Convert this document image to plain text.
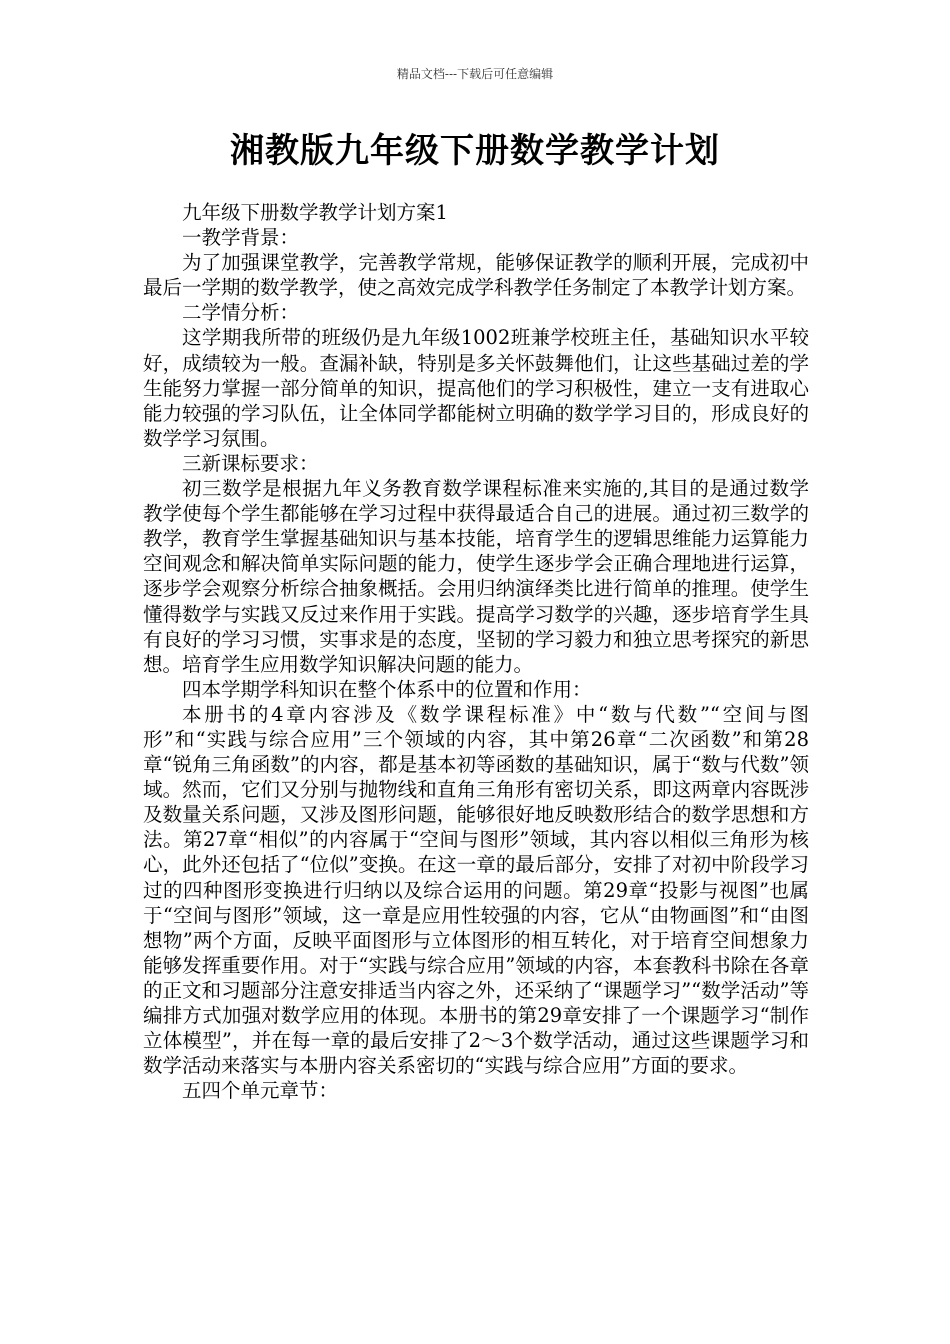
精品文档---下载后可任意编辑
湘教版九年级下册数学教学计划

九年级下册数学教学计划方案1

一教学背景：

为了加强课堂教学，完善教学常规，能够保证教学的顺利开展，完成初中最后一学期的数学教学，使之高效完成学科教学任务制定了本教学计划方案。

二学情分析：

这学期我所带的班级仍是九年级1002班兼学校班主任，基础知识水平较好，成绩较为一般。查漏补缺，特别是多关怀鼓舞他们，让这些基础过差的学生能努力掌握一部分简单的知识，提高他们的学习积极性，建立一支有进取心能力较强的学习队伍，让全体同学都能树立明确的数学学习目的，形成良好的数学学习氛围。

三新课标要求：

初三数学是根据九年义务教育数学课程标准来实施的,其目的是通过数学教学使每个学生都能够在学习过程中获得最适合自己的进展。通过初三数学的教学，教育学生掌握基础知识与基本技能，培育学生的逻辑思维能力运算能力空间观念和解决简单实际问题的能力，使学生逐步学会正确合理地进行运算，逐步学会观察分析综合抽象概括。会用归纳演绎类比进行简单的推理。使学生懂得数学与实践又反过来作用于实践。提高学习数学的兴趣，逐步培育学生具有良好的学习习惯，实事求是的态度，坚韧的学习毅力和独立思考探究的新思想。培育学生应用数学知识解决问题的能力。

四本学期学科知识在整个体系中的位置和作用：

本册书的4章内容涉及《数学课程标准》中“数与代数”“空间与图形”和“实践与综合应用”三个领域的内容，其中第26章“二次函数”和第28章“锐角三角函数”的内容，都是基本初等函数的基础知识，属于“数与代数”领域。然而，它们又分别与抛物线和直角三角形有密切关系，即这两章内容既涉及数量关系问题，又涉及图形问题，能够很好地反映数形结合的数学思想和方法。第27章“相似”的内容属于“空间与图形”领域，其内容以相似三角形为核心，此外还包括了“位似”变换。在这一章的最后部分，安排了对初中阶段学习过的四种图形变换进行归纳以及综合运用的问题。第29章“投影与视图”也属于“空间与图形”领域，这一章是应用性较强的内容，它从“由物画图”和“由图想物”两个方面，反映平面图形与立体图形的相互转化，对于培育空间想象力能够发挥重要作用。对于“实践与综合应用”领域的内容，本套教科书除在各章的正文和习题部分注意安排适当内容之外，还采纳了“课题学习”“数学活动”等编排方式加强对数学应用的体现。本册书的第29章安排了一个课题学习“制作立体模型”，并在每一章的最后安排了2～3个数学活动，通过这些课题学习和数学活动来落实与本册内容关系密切的“实践与综合应用”方面的要求。

五四个单元章节：
